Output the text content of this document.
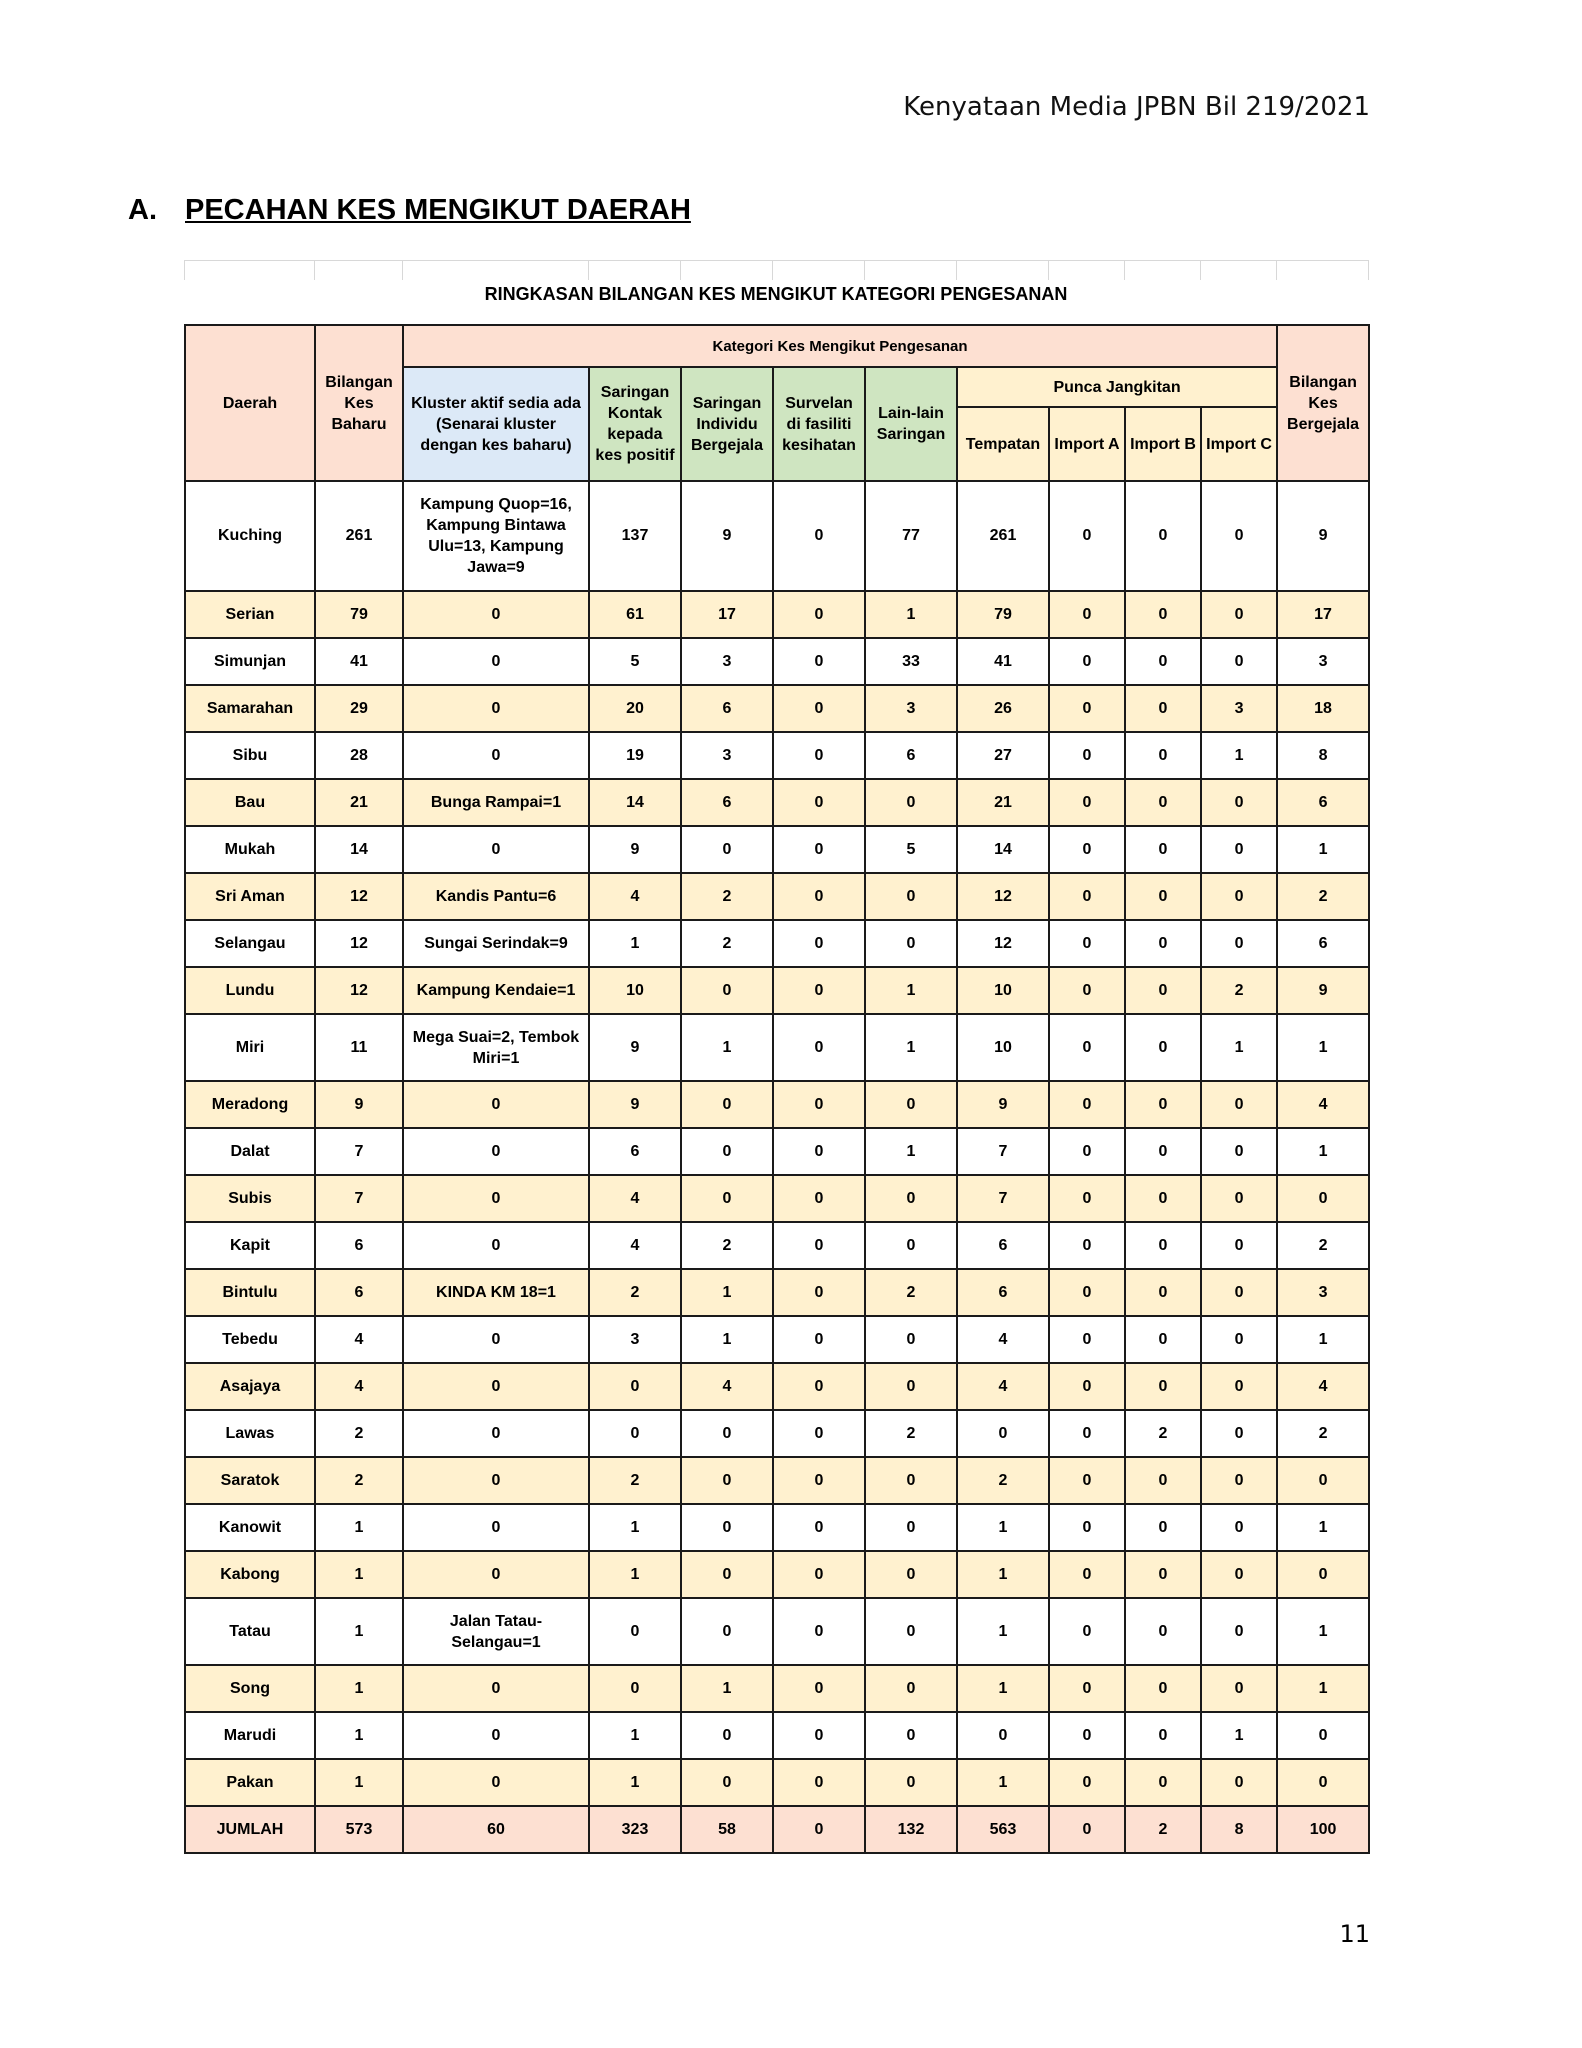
Kenyataan Media JPBN Bil 219/2021
A. PECAHAN KES MENGIKUT DAERAH

RINGKASAN BILANGAN KES MENGIKUT KATEGORI PENGESANAN
Daerah	Bilangan Kes Baharu	Kategori Kes Mengikut Pengesanan									Bilangan Kes Bergejala
		Kluster aktif sedia ada (Senarai kluster dengan kes baharu)	Saringan Kontak kepada kes positif	Saringan Individu Bergejala	Survelan di fasiliti kesihatan	Lain-lain Saringan	Punca Jangkitan				
							Tempatan	Import A	Import B	Import C	
Kuching	261	Kampung Quop=16, Kampung Bintawa Ulu=13, Kampung Jawa=9	137	9	0	77	261	0	0	0	9
Serian	79	0	61	17	0	1	79	0	0	0	17
Simunjan	41	0	5	3	0	33	41	0	0	0	3
Samarahan	29	0	20	6	0	3	26	0	0	3	18
Sibu	28	0	19	3	0	6	27	0	0	1	8
Bau	21	Bunga Rampai=1	14	6	0	0	21	0	0	0	6
Mukah	14	0	9	0	0	5	14	0	0	0	1
Sri Aman	12	Kandis Pantu=6	4	2	0	0	12	0	0	0	2
Selangau	12	Sungai Serindak=9	1	2	0	0	12	0	0	0	6
Lundu	12	Kampung Kendaie=1	10	0	0	1	10	0	0	2	9
Miri	11	Mega Suai=2, Tembok Miri=1	9	1	0	1	10	0	0	1	1
Meradong	9	0	9	0	0	0	9	0	0	0	4
Dalat	7	0	6	0	0	1	7	0	0	0	1
Subis	7	0	4	0	0	0	7	0	0	0	0
Kapit	6	0	4	2	0	0	6	0	0	0	2
Bintulu	6	KINDA KM 18=1	2	1	0	2	6	0	0	0	3
Tebedu	4	0	3	1	0	0	4	0	0	0	1
Asajaya	4	0	0	4	0	0	4	0	0	0	4
Lawas	2	0	0	0	0	2	0	0	2	0	2
Saratok	2	0	2	0	0	0	2	0	0	0	0
Kanowit	1	0	1	0	0	0	1	0	0	0	1
Kabong	1	0	1	0	0	0	1	0	0	0	0
Tatau	1	Jalan Tatau-Selangau=1	0	0	0	0	1	0	0	0	1
Song	1	0	0	1	0	0	1	0	0	0	1
Marudi	1	0	1	0	0	0	0	0	0	1	0
Pakan	1	0	1	0	0	0	1	0	0	0	0
JUMLAH	573	60	323	58	0	132	563	0	2	8	100
11
